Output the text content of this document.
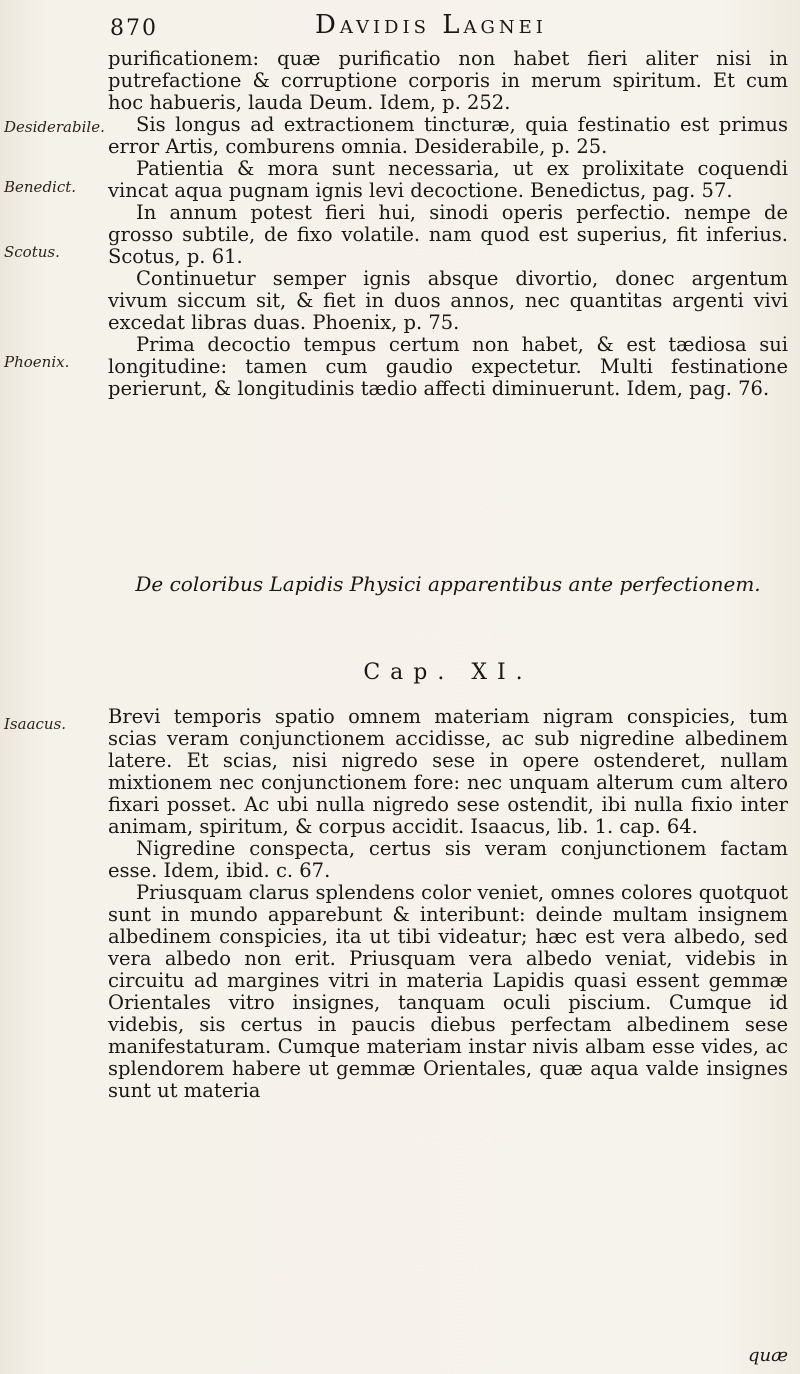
870	Davidis Lagnei
Desiderabile.
Benedict.
Scotus.
Phoenix.
Isaacus.

purificationem: quæ purificatio non habet fieri aliter nisi in putrefactione & corruptione corporis in merum spiritum. Et cum hoc habueris, lauda Deum. Idem, p. 252.

Sis longus ad extractionem tincturæ, quia festinatio est primus error Artis, comburens omnia. Desiderabile, p. 25.

Patientia & mora sunt necessaria, ut ex prolixitate coquendi vincat aqua pugnam ignis levi decoctione. Benedictus, pag. 57.

In annum potest fieri hui, sinodi operis perfectio. nempe de grosso subtile, de fixo volatile. nam quod est superius, fit inferius. Scotus, p. 61.

Continuetur semper ignis absque divortio, donec argentum vivum siccum sit, & fiet in duos annos, nec quantitas argenti vivi excedat libras duas. Phoenix, p. 75.

Prima decoctio tempus certum non habet, & est tædiosa sui longitudine: tamen cum gaudio expectetur. Multi festinatione perierunt, & longitudinis tædio affecti diminuerunt. Idem, pag. 76.

De coloribus Lapidis Physici apparentibus ante perfectionem.
Cap. XI.

Brevi temporis spatio omnem materiam nigram conspicies, tum scias veram conjunctionem accidisse, ac sub nigredine albedinem latere. Et scias, nisi nigredo sese in opere ostenderet, nullam mixtionem nec conjunctionem fore: nec unquam alterum cum altero fixari posset. Ac ubi nulla nigredo sese ostendit, ibi nulla fixio inter animam, spiritum, & corpus accidit. Isaacus, lib. 1. cap. 64.

Nigredine conspecta, certus sis veram conjunctionem factam esse. Idem, ibid. c. 67.

Priusquam clarus splendens color veniet, omnes colores quotquot sunt in mundo apparebunt & interibunt: deinde multam insignem albedinem conspicies, ita ut tibi videatur; hæc est vera albedo, sed vera albedo non erit. Priusquam vera albedo veniat, videbis in circuitu ad margines vitri in materia Lapidis quasi essent gemmæ Orientales vitro insignes, tanquam oculi piscium. Cumque id videbis, sis certus in paucis diebus perfectam albedinem sese manifestaturam. Cumque materiam instar nivis albam esse vides, ac splendorem habere ut gemmæ Orientales, quæ aqua valde insignes sunt ut materia

quæ
